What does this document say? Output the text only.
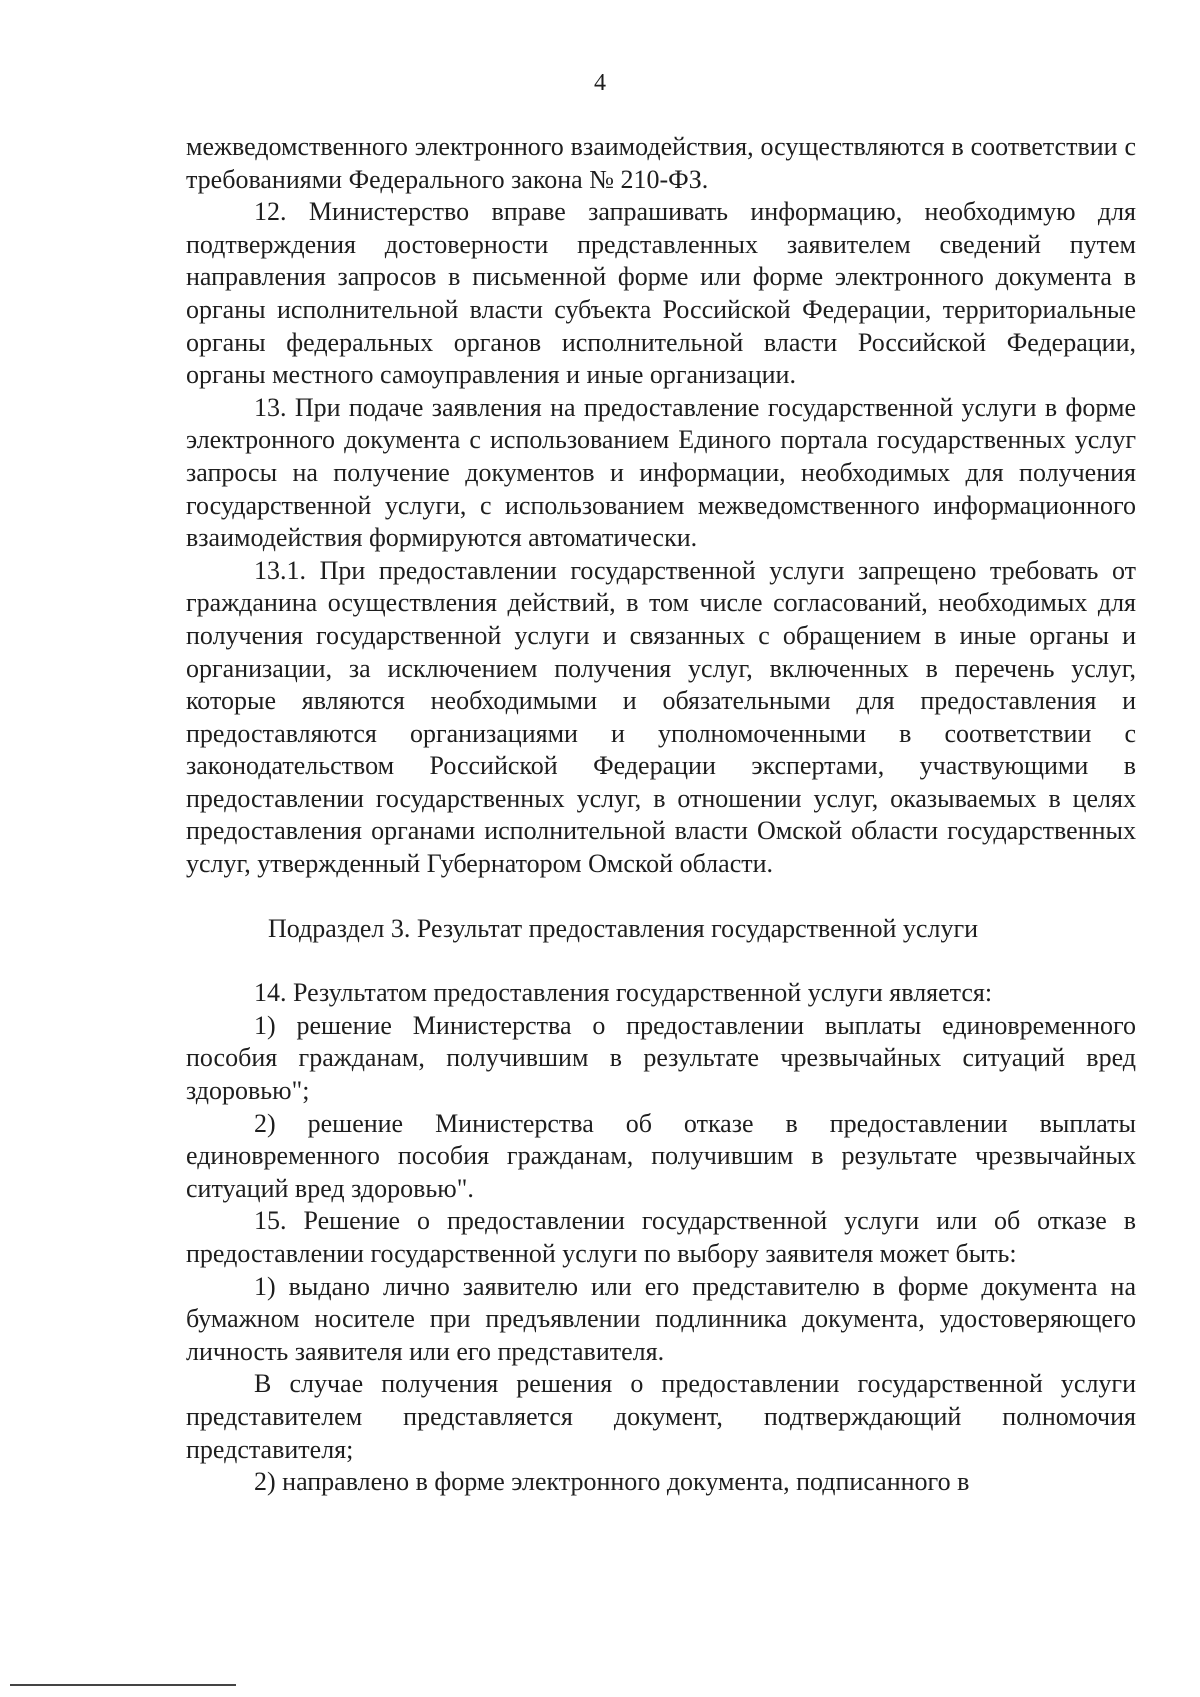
4

межведомственного электронного взаимодействия, осуществляются в соответствии с требованиями Федерального закона № 210-ФЗ.

12. Министерство вправе запрашивать информацию, необходимую для подтверждения достоверности представленных заявителем сведений путем направления запросов в письменной форме или форме электронного документа в органы исполнительной власти субъекта Российской Федерации, территориальные органы федеральных органов исполнительной власти Российской Федерации, органы местного самоуправления и иные организации.

13. При подаче заявления на предоставление государственной услуги в форме электронного документа с использованием Единого портала государственных услуг запросы на получение документов и информации, необходимых для получения государственной услуги, с использованием межведомственного информационного взаимодействия формируются автоматически.

13.1. При предоставлении государственной услуги запрещено требовать от гражданина осуществления действий, в том числе согласований, необходимых для получения государственной услуги и связанных с обращением в иные органы и организации, за исключением получения услуг, включенных в перечень услуг, которые являются необходимыми и обязательными для предоставления и предоставляются организациями и уполномоченными в соответствии с законодательством Российской Федерации экспертами, участвующими в предоставлении государственных услуг, в отношении услуг, оказываемых в целях предоставления органами исполнительной власти Омской области государственных услуг, утвержденный Губернатором Омской области.

Подраздел 3. Результат предоставления государственной услуги

14. Результатом предоставления государственной услуги является:

1) решение Министерства о предоставлении выплаты единовременного пособия гражданам, получившим в результате чрезвычайных ситуаций вред здоровью";

2) решение Министерства об отказе в предоставлении выплаты единовременного пособия гражданам, получившим в результате чрезвычайных ситуаций вред здоровью".

15. Решение о предоставлении государственной услуги или об отказе в предоставлении государственной услуги по выбору заявителя может быть:

1) выдано лично заявителю или его представителю в форме документа на бумажном носителе при предъявлении подлинника документа, удостоверяющего личность заявителя или его представителя.

В случае получения решения о предоставлении государственной услуги представителем представляется документ, подтверждающий полномочия представителя;

2) направлено в форме электронного документа, подписанного в
